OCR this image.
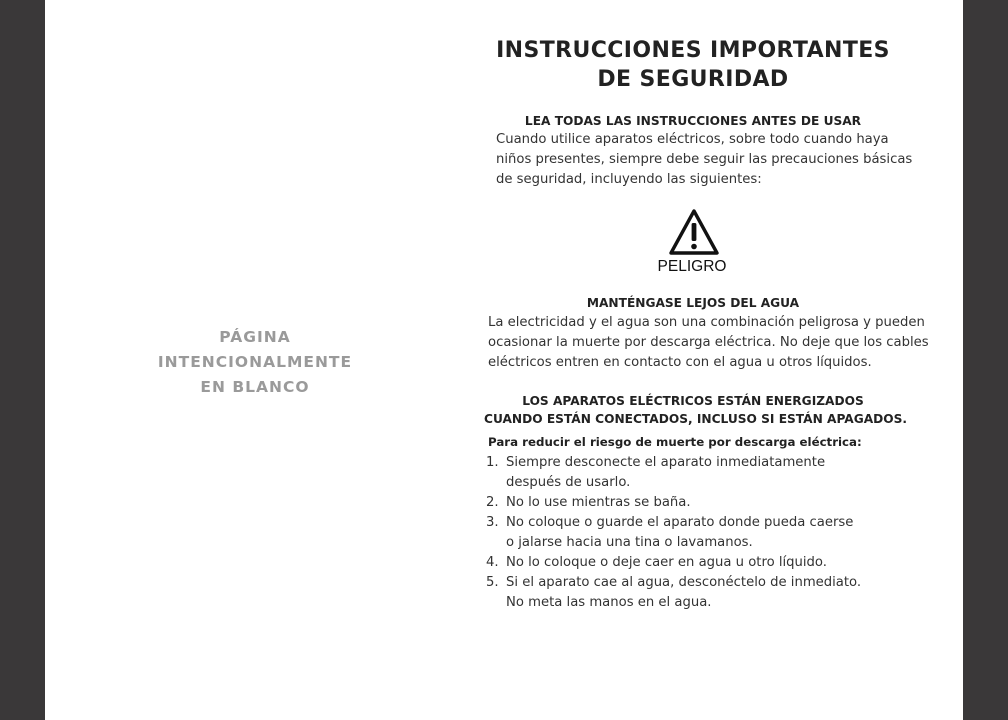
PÁGINA
INTENCIONALMENTE
EN BLANCO
INSTRUCCIONES IMPORTANTES
DE SEGURIDAD
LEA TODAS LAS INSTRUCCIONES ANTES DE USAR
Cuando utilice aparatos eléctricos, sobre todo cuando haya
niños presentes, siempre debe seguir las precauciones básicas
de seguridad, incluyendo las siguientes:
PELIGRO
MANTÉNGASE LEJOS DEL AGUA
La electricidad y el agua son una combinación peligrosa y pueden
ocasionar la muerte por descarga eléctrica. No deje que los cables
eléctricos entren en contacto con el agua u otros líquidos.
LOS APARATOS ELÉCTRICOS ESTÁN ENERGIZADOS
CUANDO ESTÁN CONECTADOS, INCLUSO SI ESTÁN APAGADOS.
Para reducir el riesgo de muerte por descarga eléctrica:
1. Siempre desconecte el aparato inmediatamente
después de usarlo.
2. No lo use mientras se baña.
3. No coloque o guarde el aparato donde pueda caerse
o jalarse hacia una tina o lavamanos.
4. No lo coloque o deje caer en agua u otro líquido.
5. Si el aparato cae al agua, desconéctelo de inmediato.
No meta las manos en el agua.
